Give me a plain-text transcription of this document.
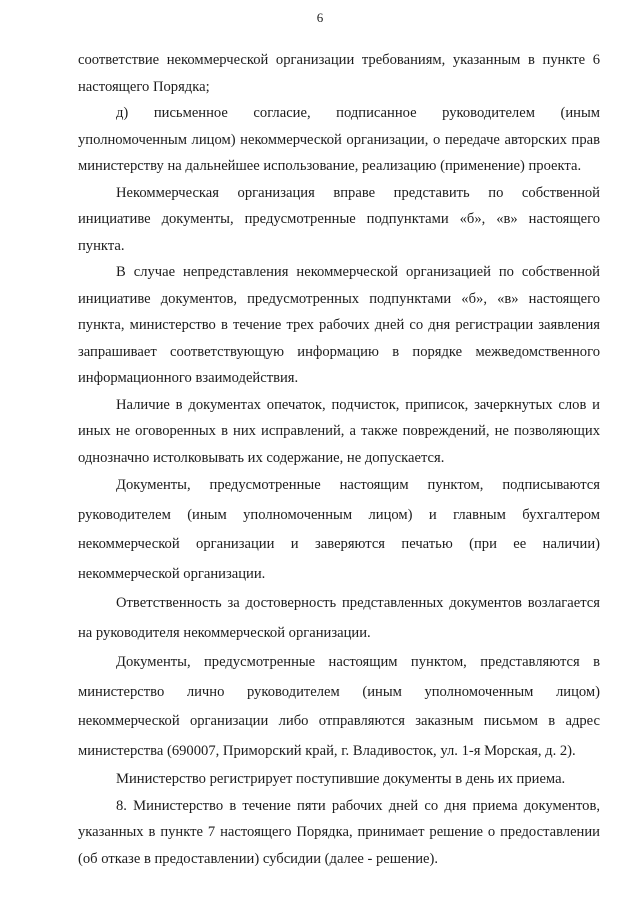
6

соответствие некоммерческой организации требованиям, указанным в пункте 6 настоящего Порядка;

д) письменное согласие, подписанное руководителем (иным уполномоченным лицом) некоммерческой организации, о передаче авторских прав министерству на дальнейшее использование, реализацию (применение) проекта.

Некоммерческая организация вправе представить по собственной инициативе документы, предусмотренные подпунктами «б», «в» настоящего пункта.

В случае непредставления некоммерческой организацией по собственной инициативе документов, предусмотренных подпунктами «б», «в» настоящего пункта, министерство в течение трех рабочих дней со дня регистрации заявления запрашивает соответствующую информацию в порядке межведомственного информационного взаимодействия.

Наличие в документах опечаток, подчисток, приписок, зачеркнутых слов и иных не оговоренных в них исправлений, а также повреждений, не позволяющих однозначно истолковывать их содержание, не допускается.

Документы, предусмотренные настоящим пунктом, подписываются руководителем (иным уполномоченным лицом) и главным бухгалтером некоммерческой организации и заверяются печатью (при ее наличии) некоммерческой организации.

Ответственность за достоверность представленных документов возлагается на руководителя некоммерческой организации.

Документы, предусмотренные настоящим пунктом, представляются в министерство лично руководителем (иным уполномоченным лицом) некоммерческой организации либо отправляются заказным письмом в адрес министерства (690007, Приморский край, г. Владивосток, ул. 1-я Морская, д. 2).

Министерство регистрирует поступившие документы в день их приема.

8. Министерство в течение пяти рабочих дней со дня приема документов, указанных в пункте 7 настоящего Порядка, принимает решение о предоставлении (об отказе в предоставлении) субсидии (далее - решение).
